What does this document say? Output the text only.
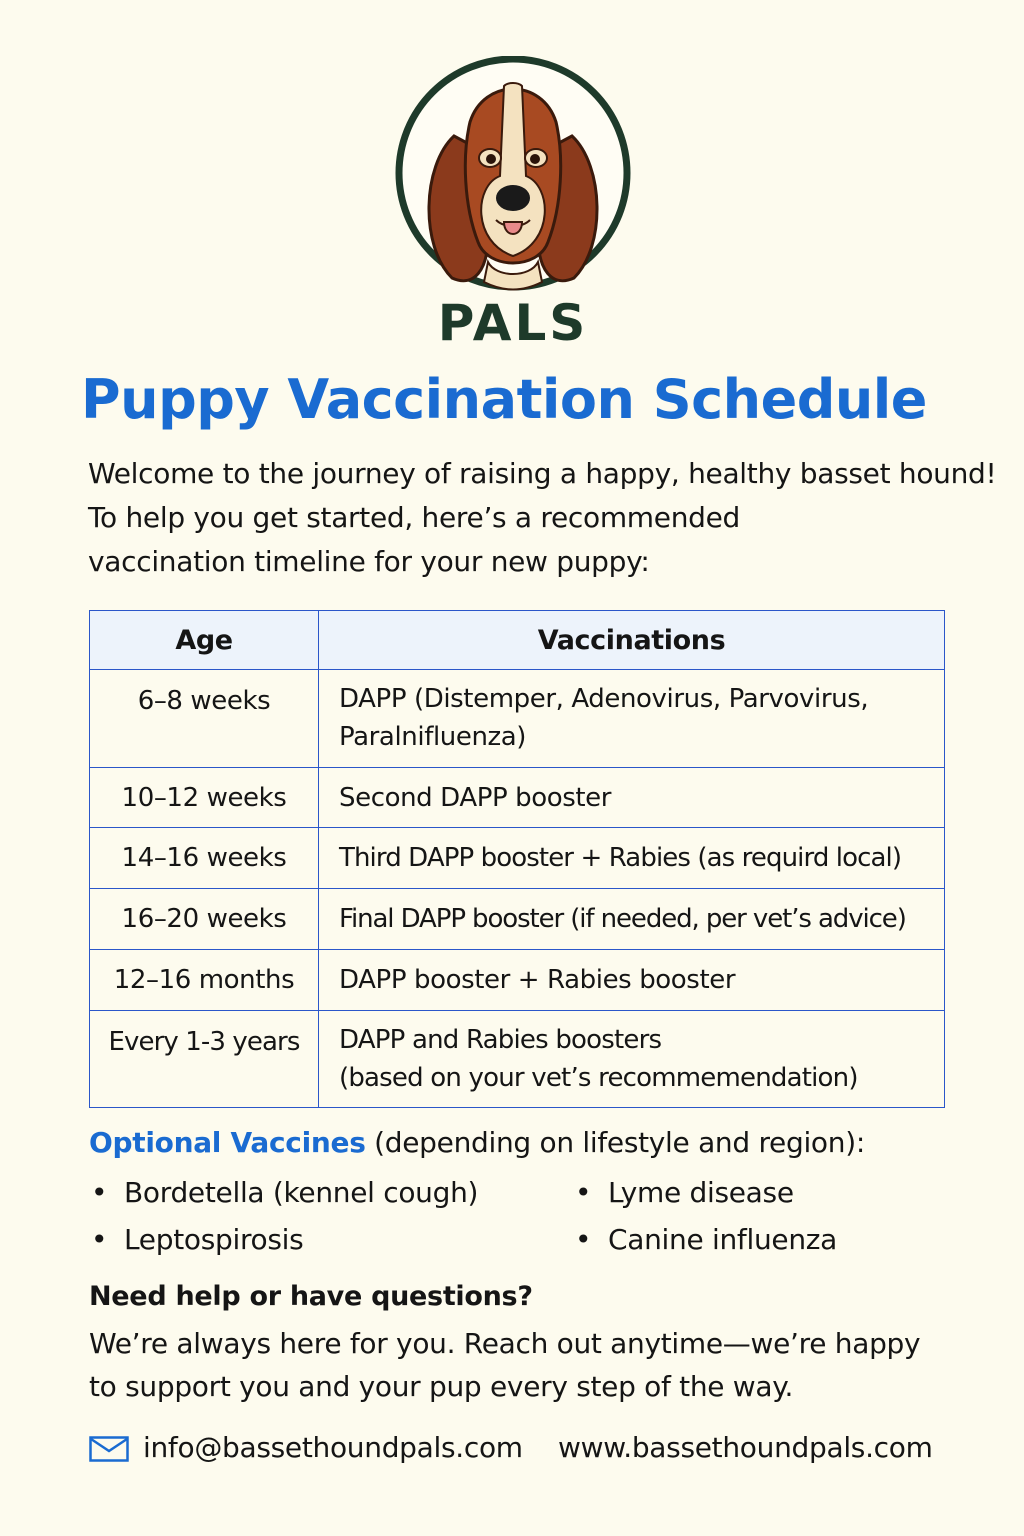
PALS
Puppy Vaccination Schedule
Welcome to the journey of raising a happy, healthy basset hound!
To help you get started, here’s a recommended
vaccination timeline for your new puppy:
Age	Vaccinations
6–8 weeks	DAPP (Distemper, Adenovirus, Parvovirus,
Paralnifluenza)

10–12 weeks	Second DAPP booster

14–16 weeks	Third DAPP booster + Rabies (as requird local)

16–20 weeks	Final DAPP booster (if needed, per vet’s advice)

12–16 months	DAPP booster + Rabies booster

Every 1-3 years	DAPP and Rabies boosters
(based on your vet’s recommemendation)
Optional Vaccines (depending on lifestyle and region):
• Bordetella (kennel cough)
• Leptospirosis
• Lyme disease
• Canine influenza
Need help or have questions?
We’re always here for you. Reach out anytime—we’re happy
to support you and your pup every step of the way.
info@bassethoundpals.com www.bassethoundpals.com
